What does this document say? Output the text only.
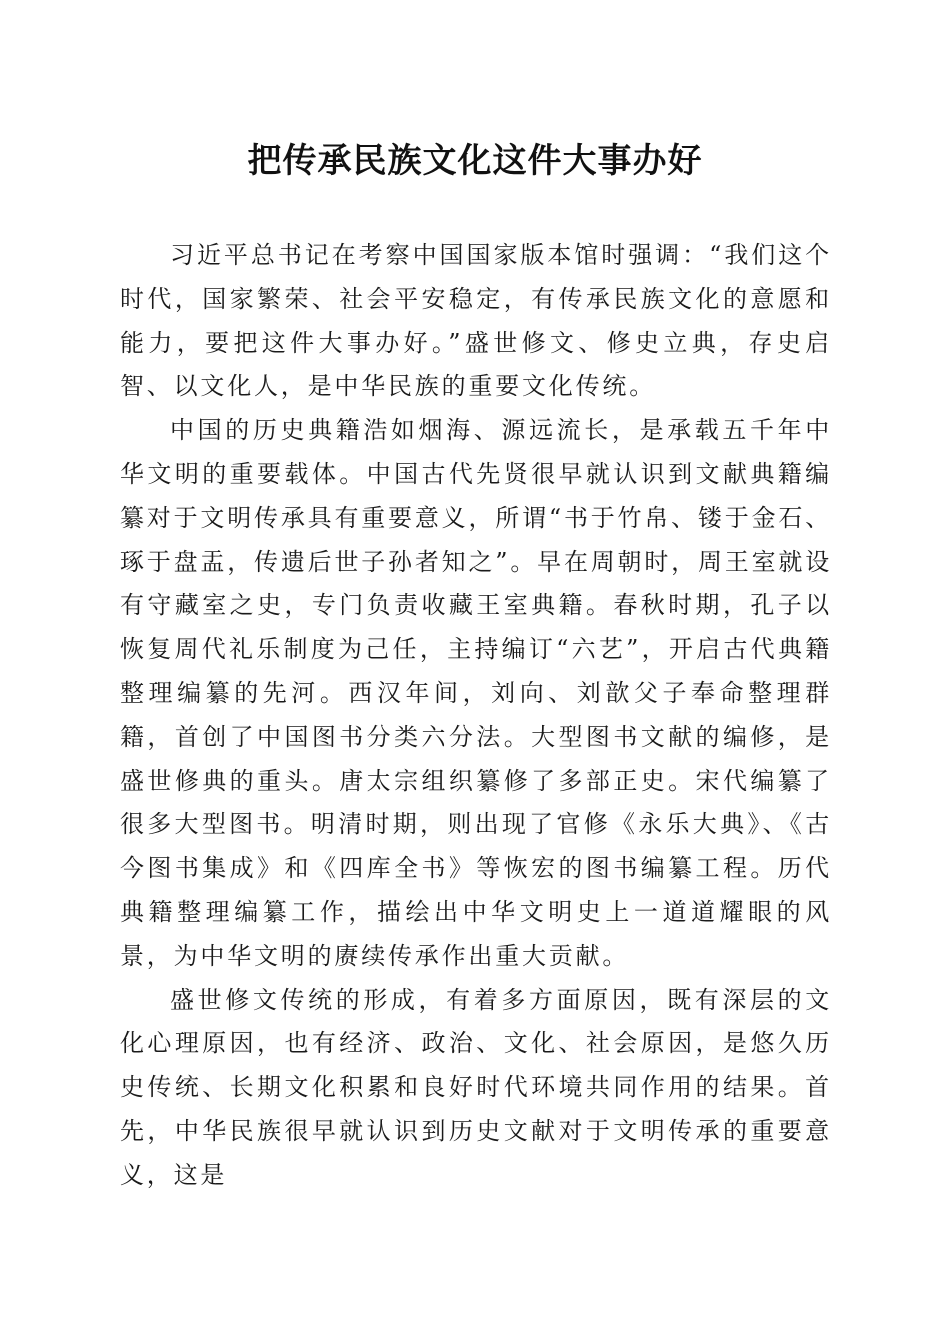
把传承民族文化这件大事办好

习近平总书记在考察中国国家版本馆时强调：“我们这个时代，国家繁荣、社会平安稳定，有传承民族文化的意愿和能力，要把这件大事办好。”盛世修文、修史立典，存史启智、以文化人，是中华民族的重要文化传统。

中国的历史典籍浩如烟海、源远流长，是承载五千年中华文明的重要载体。中国古代先贤很早就认识到文献典籍编纂对于文明传承具有重要意义，所谓“书于竹帛、镂于金石、琢于盘盂，传遗后世子孙者知之”。早在周朝时，周王室就设有守藏室之史，专门负责收藏王室典籍。春秋时期，孔子以恢复周代礼乐制度为己任，主持编订“六艺”，开启古代典籍整理编纂的先河。西汉年间，刘向、刘歆父子奉命整理群籍，首创了中国图书分类六分法。大型图书文献的编修，是盛世修典的重头。唐太宗组织纂修了多部正史。宋代编纂了很多大型图书。明清时期，则出现了官修《永乐大典》、《古今图书集成》和《四库全书》等恢宏的图书编纂工程。历代典籍整理编纂工作，描绘出中华文明史上一道道耀眼的风景，为中华文明的赓续传承作出重大贡献。

盛世修文传统的形成，有着多方面原因，既有深层的文化心理原因，也有经济、政治、文化、社会原因，是悠久历史传统、长期文化积累和良好时代环境共同作用的结果。首先，中华民族很早就认识到历史文献对于文明传承的重要意义，这是
